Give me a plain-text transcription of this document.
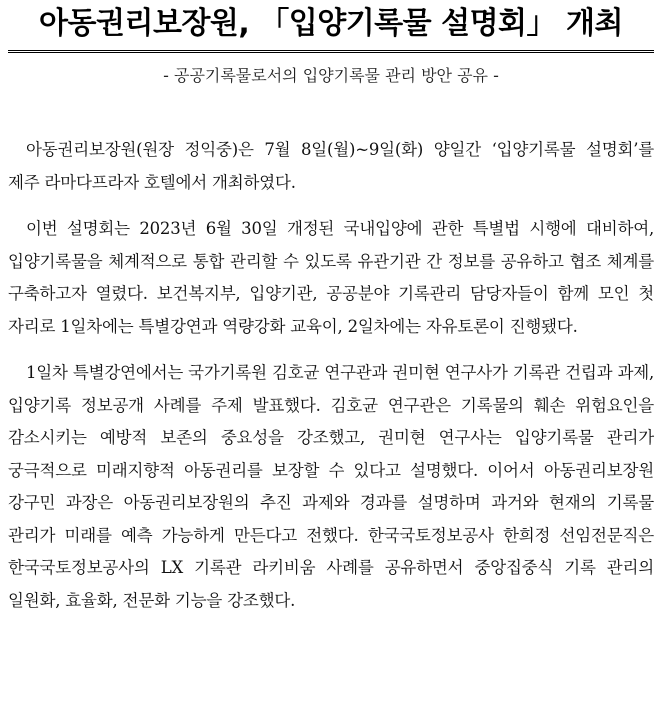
아동권리보장원, 「입양기록물 설명회」 개최

- 공공기록물로서의 입양기록물 관리 방안 공유 -

아동권리보장원(원장 정익중)은 7월 8일(월)~9일(화) 양일간 ‘입양기록물 설명회’를 제주 라마다프라자 호텔에서 개최하였다.

이번 설명회는 2023년 6월 30일 개정된 국내입양에 관한 특별법 시행에 대비하여, 입양기록물을 체계적으로 통합 관리할 수 있도록 유관기관 간 정보를 공유하고 협조 체계를 구축하고자 열렸다. 보건복지부, 입양기관, 공공분야 기록관리 담당자들이 함께 모인 첫 자리로 1일차에는 특별강연과 역량강화 교육이, 2일차에는 자유토론이 진행됐다.

1일차 특별강연에서는 국가기록원 김호균 연구관과 권미현 연구사가 기록관 건립과 과제, 입양기록 정보공개 사례를 주제 발표했다. 김호균 연구관은 기록물의 훼손 위험요인을 감소시키는 예방적 보존의 중요성을 강조했고, 권미현 연구사는 입양기록물 관리가 궁극적으로 미래지향적 아동권리를 보장할 수 있다고 설명했다. 이어서 아동권리보장원 강구민 과장은 아동권리보장원의 추진 과제와 경과를 설명하며 과거와 현재의 기록물 관리가 미래를 예측 가능하게 만든다고 전했다. 한국국토정보공사 한희정 선임전문직은 한국국토정보공사의 LX 기록관 라키비움 사례를 공유하면서 중앙집중식 기록 관리의 일원화, 효율화, 전문화 기능을 강조했다.
